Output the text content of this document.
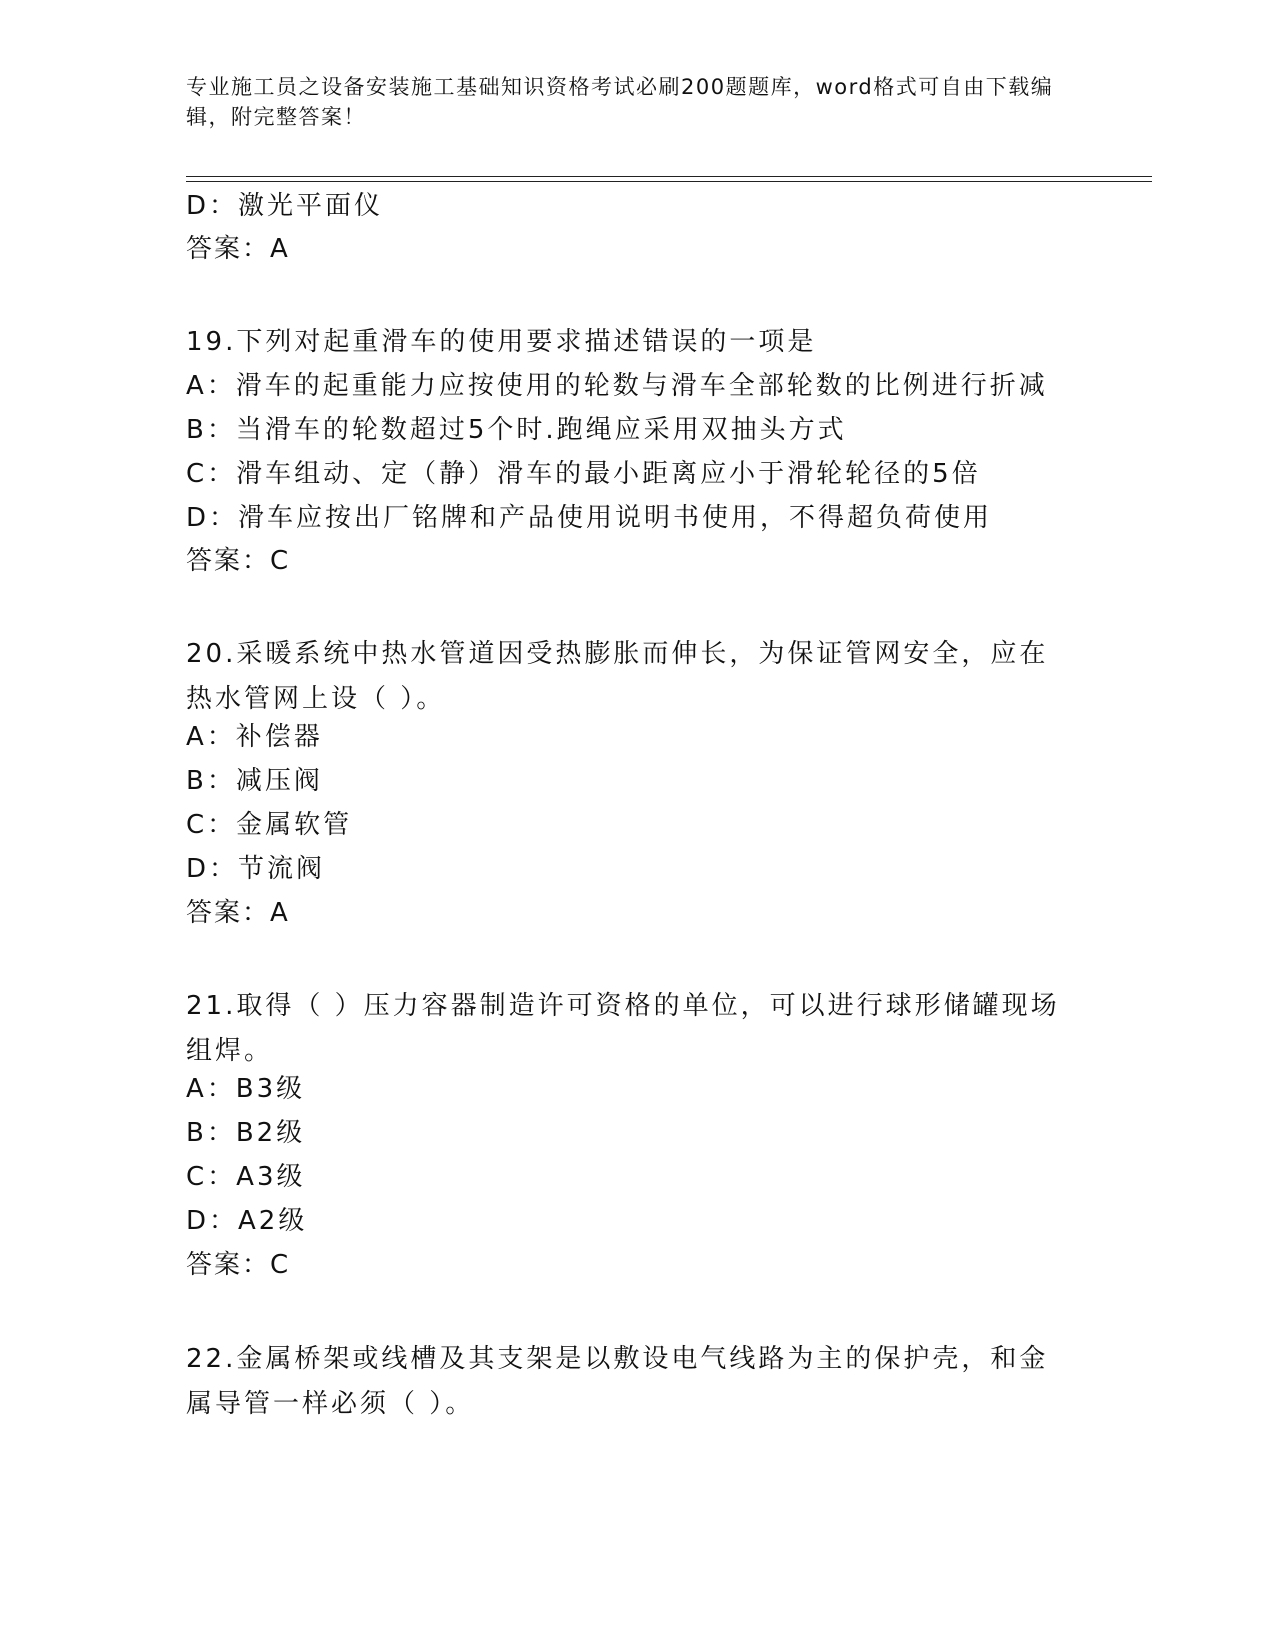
专业施工员之设备安装施工基础知识资格考试必刷200题题库，word格式可自由下载编辑，附完整答案！
D：激光平面仪
答案：A
19.下列对起重滑车的使用要求描述错误的一项是
A：滑车的起重能力应按使用的轮数与滑车全部轮数的比例进行折减
B：当滑车的轮数超过5个时.跑绳应采用双抽头方式
C：滑车组动、定（静）滑车的最小距离应小于滑轮轮径的5倍
D：滑车应按出厂铭牌和产品使用说明书使用，不得超负荷使用
答案：C
20.采暖系统中热水管道因受热膨胀而伸长，为保证管网安全，应在热水管网上设（ ）。
A：补偿器
B：减压阀
C：金属软管
D：节流阀
答案：A
21.取得（ ）压力容器制造许可资格的单位，可以进行球形储罐现场组焊。
A：B3级
B：B2级
C：A3级
D：A2级
答案：C
22.金属桥架或线槽及其支架是以敷设电气线路为主的保护壳，和金属导管一样必须（ ）。
